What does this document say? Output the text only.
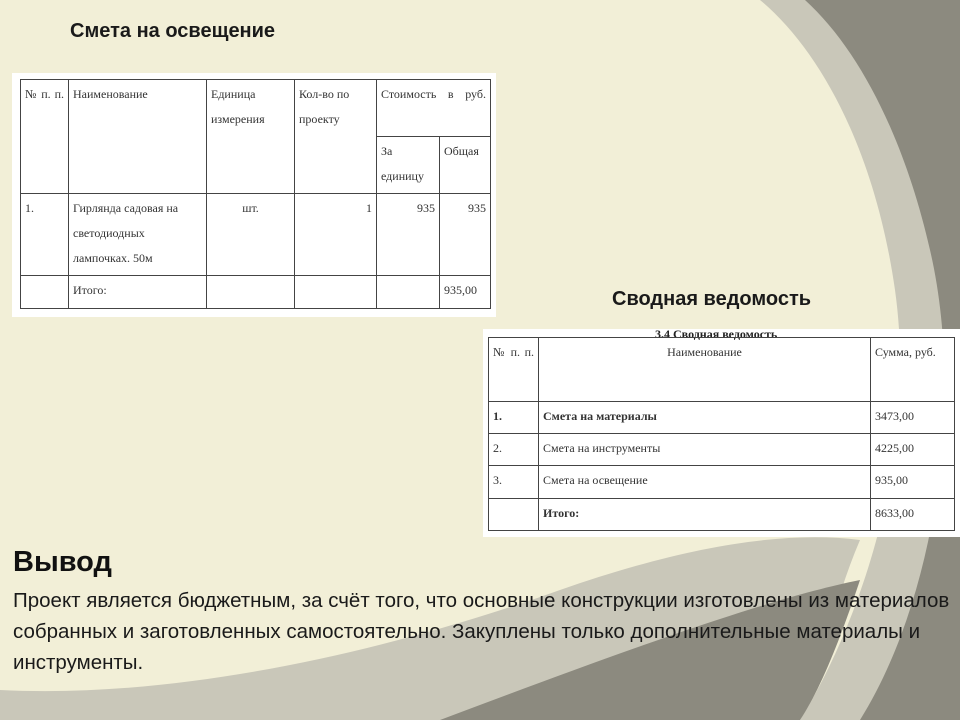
Смета на освещение
Сводная ведомость
№ п. п.	Наименование	Единица измерения	Кол-во по проекту	Стоимость в руб.	
				За единицу	Общая
1.	Гирлянда садовая на светодиодных лампочках. 50м	шт.	1	935	935
	Итого:				935,00
3.4 Сводная ведомость
№ п. п.	Наименование	Сумма, руб.
1.	Смета на материалы	3473,00
2.	Смета на инструменты	4225,00
3.	Смета на освещение	935,00
	Итого:	8633,00
Вывод

Проект является бюджетным, за счёт того, что основные конструкции изготовлены из материалов собранных и заготовленных самостоятельно. Закуплены только дополнительные материалы и инструменты.
